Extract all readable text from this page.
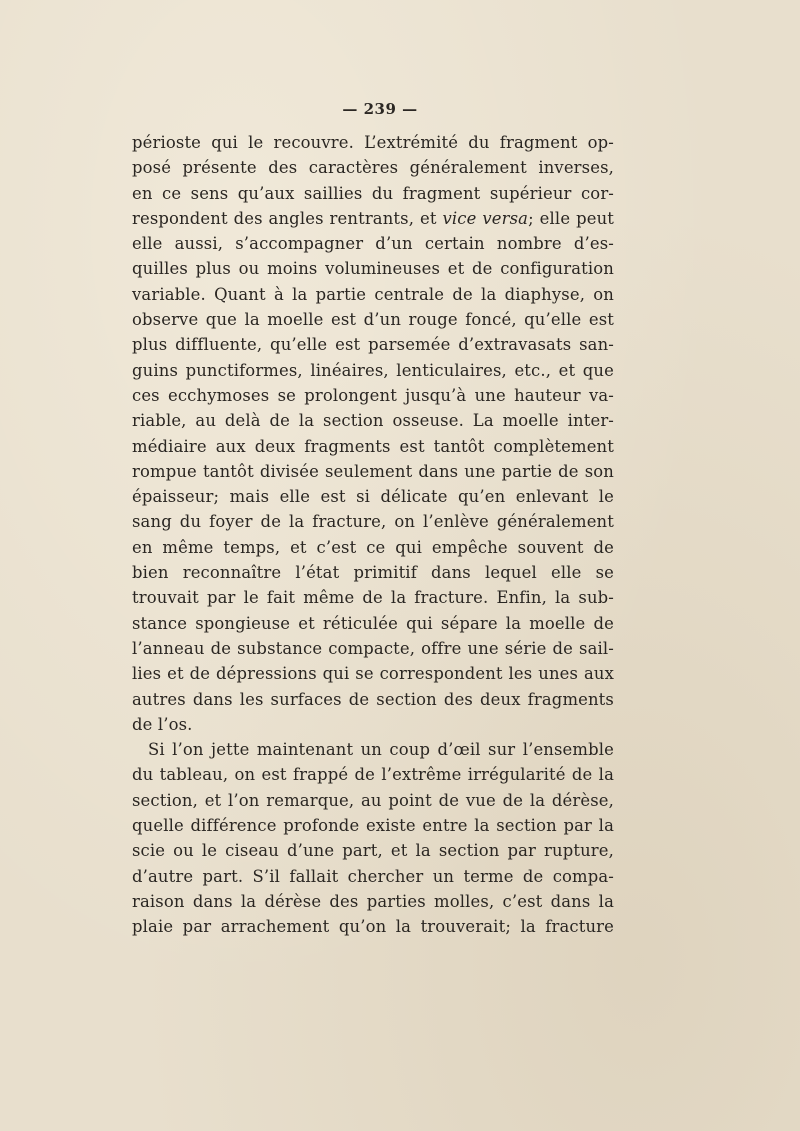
— 239 —
périoste qui le recouvre. L’extrémité du fragment op-
posé présente des caractères généralement inverses,
en ce sens qu’aux saillies du fragment supérieur cor-
respondent des angles rentrants, et vice versa; elle peut
elle aussi, s’accompagner d’un certain nombre d’es-
quilles plus ou moins volumineuses et de configuration
variable. Quant à la partie centrale de la diaphyse, on
observe que la moelle est d’un rouge foncé, qu’elle est
plus diffluente, qu’elle est parsemée d’extravasats san-
guins punctiformes, linéaires, lenticulaires, etc., et que
ces ecchymoses se prolongent jusqu’à une hauteur va-
riable, au delà de la section osseuse. La moelle inter-
médiaire aux deux fragments est tantôt complètement
rompue tantôt divisée seulement dans une partie de son
épaisseur; mais elle est si délicate qu’en enlevant le
sang du foyer de la fracture, on l’enlève généralement
en même temps, et c’est ce qui empêche souvent de
bien reconnaître l’état primitif dans lequel elle se
trouvait par le fait même de la fracture. Enfin, la sub-
stance spongieuse et réticulée qui sépare la moelle de
l’anneau de substance compacte, offre une série de sail-
lies et de dépressions qui se correspondent les unes aux
autres dans les surfaces de section des deux fragments
de l’os.
Si l’on jette maintenant un coup d’œil sur l’ensemble
du tableau, on est frappé de l’extrême irrégularité de la
section, et l’on remarque, au point de vue de la dérèse,
quelle différence profonde existe entre la section par la
scie ou le ciseau d’une part, et la section par rupture,
d’autre part. S’il fallait chercher un terme de compa-
raison dans la dérèse des parties molles, c’est dans la
plaie par arrachement qu’on la trouverait; la fracture
